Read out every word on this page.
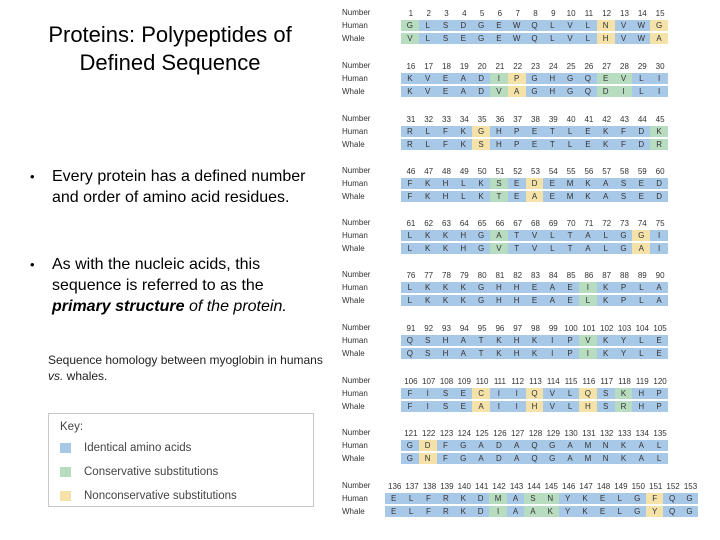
Proteins: Polypeptides of Defined Sequence
• Every protein has a defined number and order of amino acid residues.
• As with the nucleic acids, this sequence is referred to as the primary structure of the protein.
Sequence homology between myoglobin in humans vs. whales.
Key:
Identical amino acids
Conservative substitutions
Nonconservative substitutions
Number
Human
Whale
1
G
V
2
L
L
3
S
S
4
D
E
5
G
G
6
E
E
7
W
W
8
Q
Q
9
L
L
10
V
V
11
L
L
12
N
H
13
V
V
14
W
W
15
G
A
Number
Human
Whale
16
K
K
17
V
V
18
E
E
19
A
A
20
D
D
21
I
V
22
P
A
23
G
G
24
H
H
25
G
G
26
Q
Q
27
E
D
28
V
I
29
L
L
30
I
I
Number
Human
Whale
31
R
R
32
L
L
33
F
F
34
K
K
35
G
S
36
H
H
37
P
P
38
E
E
39
T
T
40
L
L
41
E
E
42
K
K
43
F
F
44
D
D
45
K
R
Number
Human
Whale
46
F
F
47
K
K
48
H
H
49
L
L
50
K
K
51
S
T
52
E
E
53
D
A
54
E
E
55
M
M
56
K
K
57
A
A
58
S
S
59
E
E
60
D
D
Number
Human
Whale
61
L
L
62
K
K
63
K
K
64
H
H
65
G
G
66
A
V
67
T
T
68
V
V
69
L
L
70
T
T
71
A
A
72
L
L
73
G
G
74
G
A
75
I
I
Number
Human
Whale
76
L
L
77
K
K
78
K
K
79
K
K
80
G
G
81
H
H
82
H
H
83
E
E
84
A
A
85
E
E
86
I
L
87
K
K
88
P
P
89
L
L
90
A
A
Number
Human
Whale
91
Q
Q
92
S
S
93
H
H
94
A
A
95
T
T
96
K
K
97
H
H
98
K
K
99
I
I
100
P
P
101
V
I
102
K
K
103
Y
Y
104
L
L
105
E
E
Number
Human
Whale
106
F
F
107
I
I
108
S
S
109
E
E
110
C
A
111
I
I
112
I
I
113
Q
H
114
V
V
115
L
L
116
Q
H
117
S
S
118
K
R
119
H
H
120
P
P
Number
Human
Whale
121
G
G
122
D
N
123
F
F
124
G
G
125
A
A
126
D
D
127
A
A
128
Q
Q
129
G
G
130
A
A
131
M
M
132
N
N
133
K
K
134
A
A
135
L
L
Number
Human
Whale
136
E
E
137
L
L
138
F
F
139
R
R
140
K
K
141
D
D
142
M
I
143
A
A
144
S
A
145
N
K
146
Y
Y
147
K
K
148
E
E
149
L
L
150
G
G
151
F
Y
152
Q
Q
153
G
G
